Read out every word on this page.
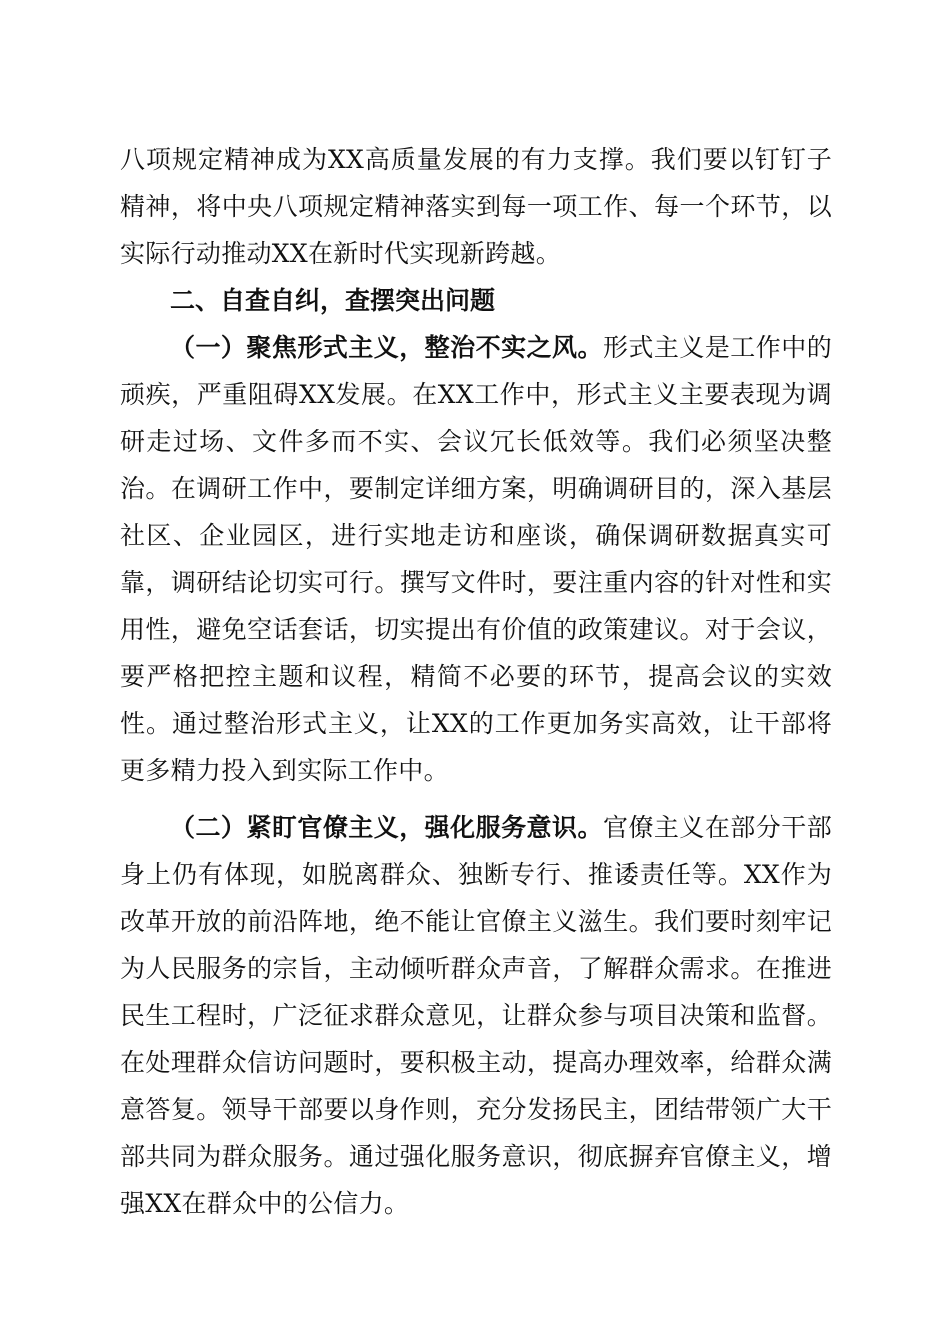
八项规定精神成为XX高质量发展的有力支撑。我们要以钉钉子精神，将中央八项规定精神落实到每一项工作、每一个环节，以实际行动推动XX在新时代实现新跨越。

二、自查自纠，查摆突出问题

（一）聚焦形式主义，整治不实之风。形式主义是工作中的顽疾，严重阻碍XX发展。在XX工作中，形式主义主要表现为调研走过场、文件多而不实、会议冗长低效等。我们必须坚决整治。在调研工作中，要制定详细方案，明确调研目的，深入基层社区、企业园区，进行实地走访和座谈，确保调研数据真实可靠，调研结论切实可行。撰写文件时，要注重内容的针对性和实用性，避免空话套话，切实提出有价值的政策建议。对于会议，要严格把控主题和议程，精简不必要的环节，提高会议的实效性。通过整治形式主义，让XX的工作更加务实高效，让干部将更多精力投入到实际工作中。

（二）紧盯官僚主义，强化服务意识。官僚主义在部分干部身上仍有体现，如脱离群众、独断专行、推诿责任等。XX作为改革开放的前沿阵地，绝不能让官僚主义滋生。我们要时刻牢记为人民服务的宗旨，主动倾听群众声音，了解群众需求。在推进民生工程时，广泛征求群众意见，让群众参与项目决策和监督。在处理群众信访问题时，要积极主动，提高办理效率，给群众满意答复。领导干部要以身作则，充分发扬民主，团结带领广大干部共同为群众服务。通过强化服务意识，彻底摒弃官僚主义，增强XX在群众中的公信力。
